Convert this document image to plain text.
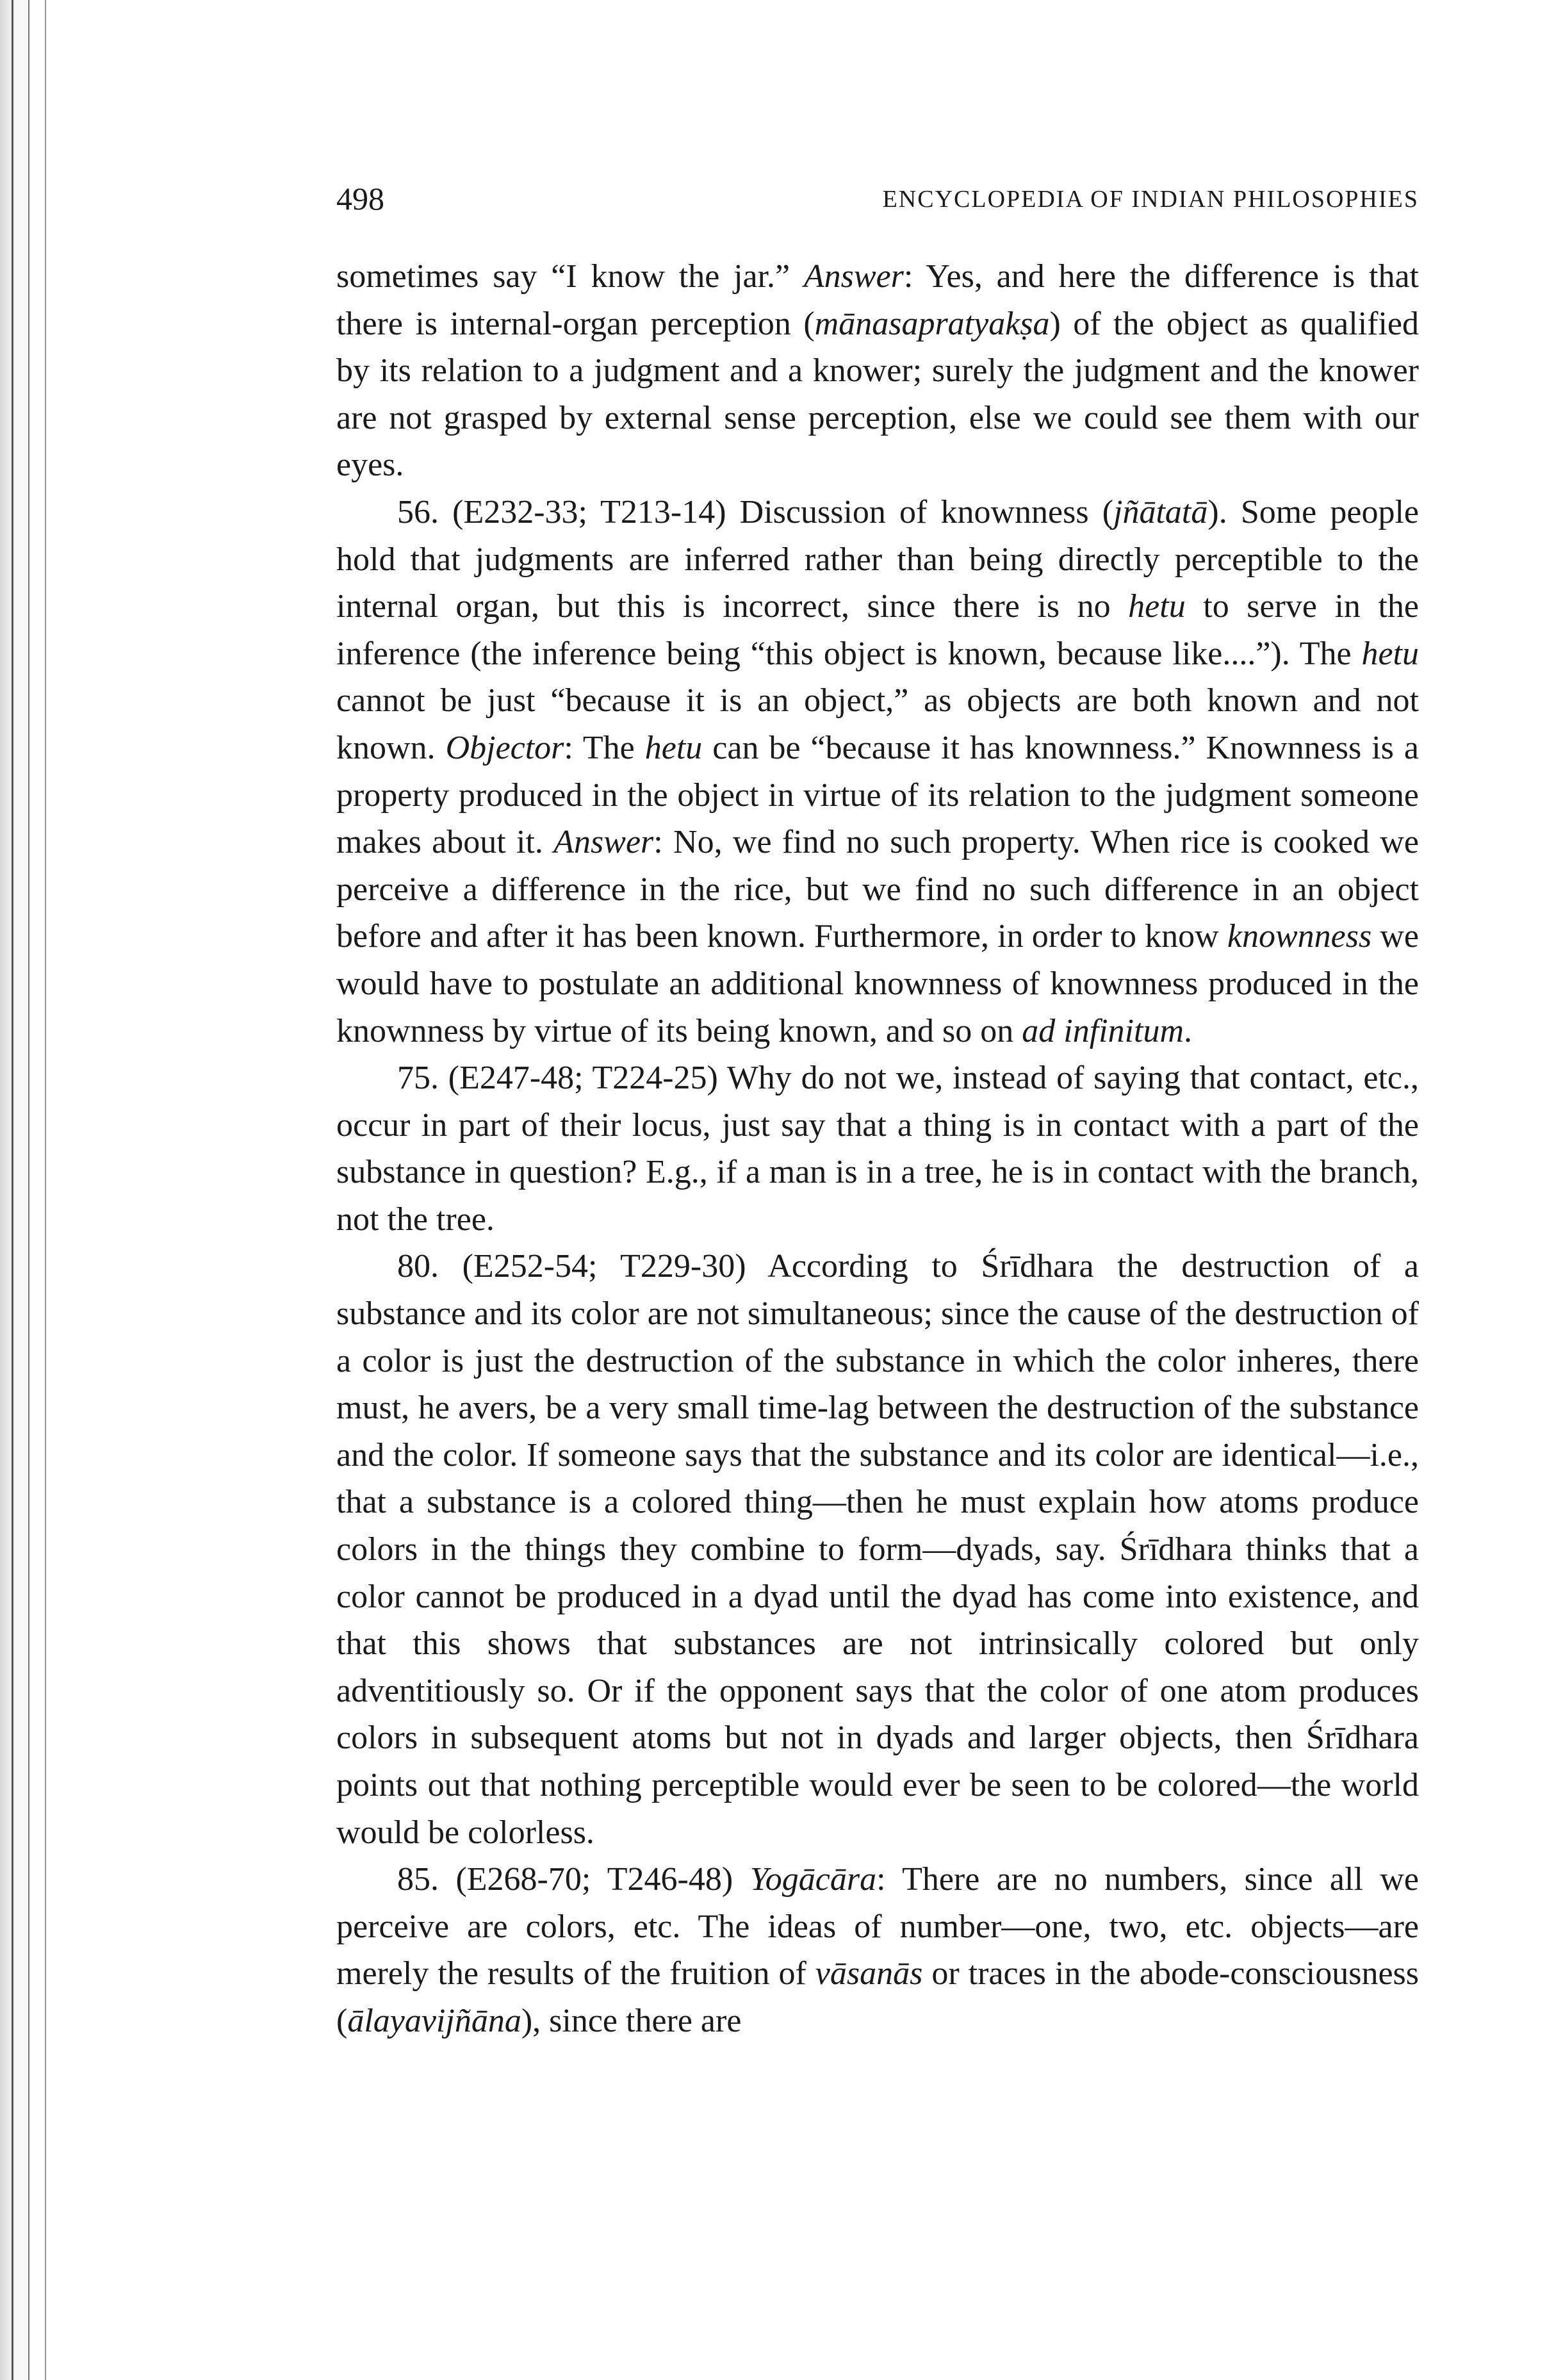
498	ENCYCLOPEDIA OF INDIAN PHILOSOPHIES

sometimes say “I know the jar.” Answer: Yes, and here the difference is that there is internal-organ perception (mānasapratyakṣa) of the object as qualified by its relation to a judgment and a knower; surely the judgment and the knower are not grasped by external sense perception, else we could see them with our eyes.

56. (E232-33; T213-14) Discussion of knownness (jñātatā). Some people hold that judgments are inferred rather than being directly perceptible to the internal organ, but this is incorrect, since there is no hetu to serve in the inference (the inference being “this object is known, because like....”). The hetu cannot be just “because it is an object,” as objects are both known and not known. Objector: The hetu can be “because it has knownness.” Knownness is a property produced in the object in virtue of its relation to the judgment someone makes about it. Answer: No, we find no such property. When rice is cooked we perceive a difference in the rice, but we find no such difference in an object before and after it has been known. Furthermore, in order to know knownness we would have to postulate an additional knownness of knownness produced in the knownness by virtue of its being known, and so on ad infinitum.

75. (E247-48; T224-25) Why do not we, instead of saying that contact, etc., occur in part of their locus, just say that a thing is in contact with a part of the substance in question? E.g., if a man is in a tree, he is in contact with the branch, not the tree.

80. (E252-54; T229-30) According to Śrīdhara the destruction of a substance and its color are not simultaneous; since the cause of the destruction of a color is just the destruction of the substance in which the color inheres, there must, he avers, be a very small time-lag between the destruction of the substance and the color. If someone says that the substance and its color are identical—i.e., that a substance is a colored thing—then he must explain how atoms produce colors in the things they combine to form—dyads, say. Śrīdhara thinks that a color cannot be produced in a dyad until the dyad has come into existence, and that this shows that substances are not intrinsically colored but only adventitiously so. Or if the opponent says that the color of one atom produces colors in subsequent atoms but not in dyads and larger objects, then Śrīdhara points out that nothing perceptible would ever be seen to be colored—the world would be colorless.

85. (E268-70; T246-48) Yogācāra: There are no numbers, since all we perceive are colors, etc. The ideas of number—one, two, etc. objects—are merely the results of the fruition of vāsanās or traces in the abode-consciousness (ālayavijñāna), since there are
